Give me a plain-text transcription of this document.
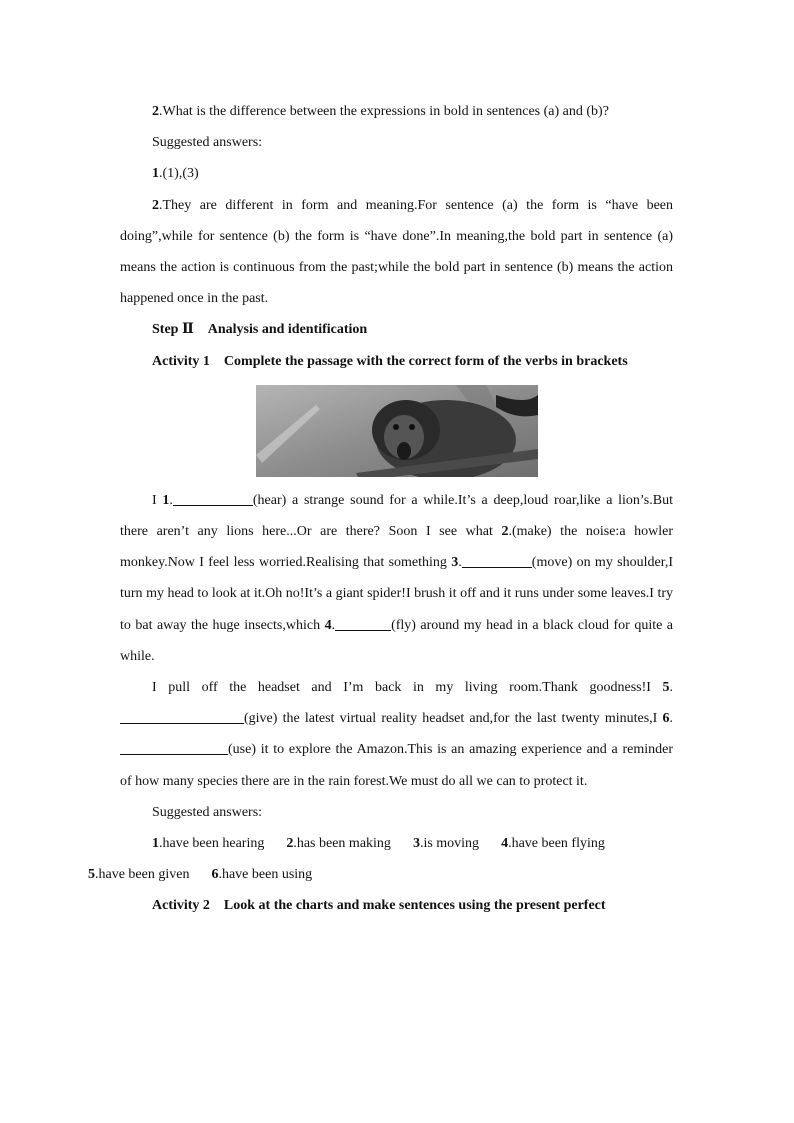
2.What is the difference between the expressions in bold in sentences (a) and (b)?

Suggested answers:

1.(1),(3)

2.They are different in form and meaning.For sentence (a) the form is “have been doing”,while for sentence (b) the form is “have done”.In meaning,the bold part in sentence (a) means the action is continuous from the past;while the bold part in sentence (b) means the action happened once in the past.

Step Ⅱ　Analysis and identification

Activity 1　Complete the passage with the correct form of the verbs in brackets

I 1.	(hear) a strange sound for a while.It’s a deep,loud roar,like a lion’s.But there aren’t any lions here...Or are there? Soon I see what 2.(make) the noise:a howler monkey.Now I feel less worried.Realising that something 3.	(move) on my shoulder,I turn my head to look at it.Oh no!It’s a giant spider!I brush it off and it runs under some leaves.I try to bat away the huge insects,which 4.	(fly) around my head in a black cloud for quite a while.

I pull off the headset and I’m back in my living room.Thank goodness!I 5.(give) the latest virtual reality headset and,for the last twenty minutes,I 6.(use) it to explore the Amazon.This is an amazing experience and a reminder of how many species there are in the rain forest.We must do all we can to protect it.

Suggested answers:

1.have been hearing 2.has been making 3.is moving 4.have been flying
5.have been given 6.have been using

Activity 2　Look at the charts and make sentences using the present perfect
